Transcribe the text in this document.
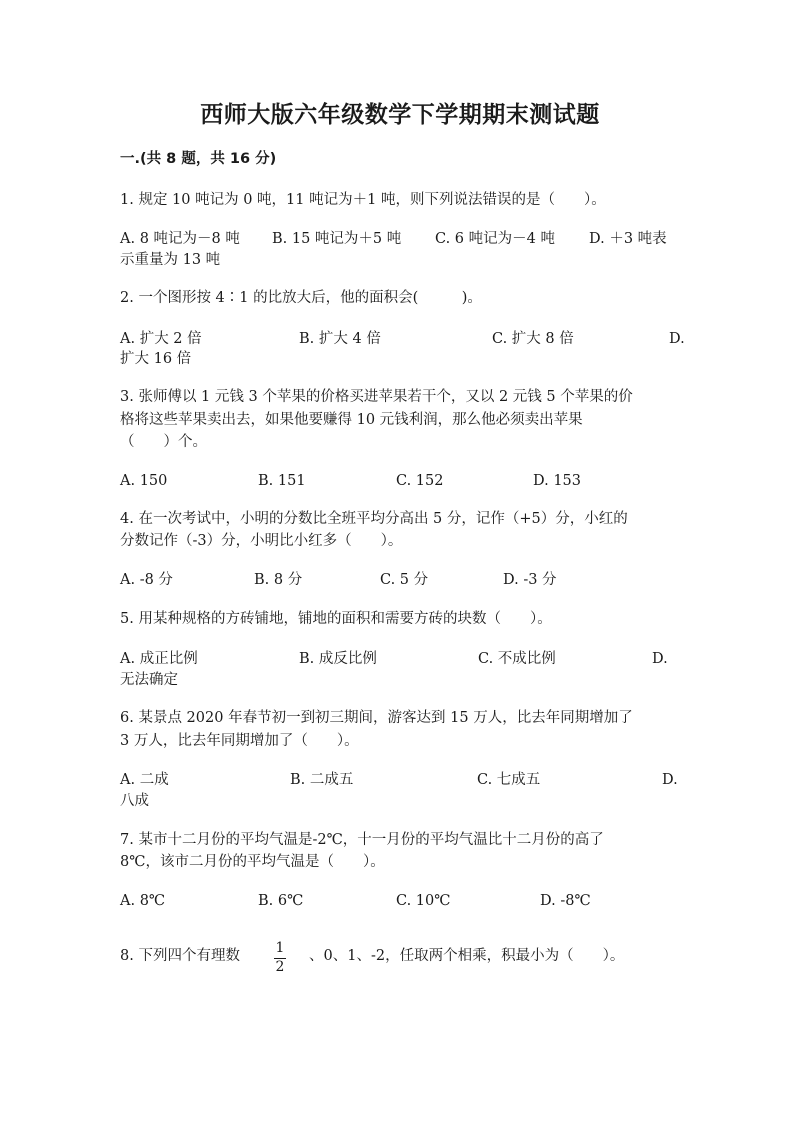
西师大版六年级数学下学期期末测试题
一.(共 8 题，共 16 分)
1. 规定 10 吨记为 0 吨，11 吨记为＋1 吨，则下列说法错误的是（　　）。
A. 8 吨记为－8 吨 B. 15 吨记为＋5 吨 C. 6 吨记为－4 吨 D. ＋3 吨表
示重量为 13 吨
2. 一个图形按 4∶1 的比放大后，他的面积会(　　　)。
A. 扩大 2 倍	B. 扩大 4 倍	C. 扩大 8 倍	D.
扩大 16 倍
3. 张师傅以 1 元钱 3 个苹果的价格买进苹果若干个，又以 2 元钱 5 个苹果的价
格将这些苹果卖出去，如果他要赚得 10 元钱利润，那么他必须卖出苹果
（　　）个。
A. 150	B. 151	C. 152	D. 153
4. 在一次考试中，小明的分数比全班平均分高出 5 分，记作（+5）分，小红的
分数记作（-3）分，小明比小红多（　　）。
A. -8 分	B. 8 分	C. 5 分	D. -3 分
5. 用某种规格的方砖铺地，铺地的面积和需要方砖的块数（　　）。
A. 成正比例	B. 成反比例	C. 不成比例	D.
无法确定
6. 某景点 2020 年春节初一到初三期间，游客达到 15 万人，比去年同期增加了
3 万人，比去年同期增加了（　　）。
A. 二成	B. 二成五	C. 七成五	D.
八成
7. 某市十二月份的平均气温是-2℃，十一月份的平均气温比十二月份的高了
8℃，该市二月份的平均气温是（　　）。
A. 8℃	B. 6℃	C. 10℃	D. -8℃
8. 下列四个有理数	1
2
、0、1、-2，任取两个相乘，积最小为（　　）。
